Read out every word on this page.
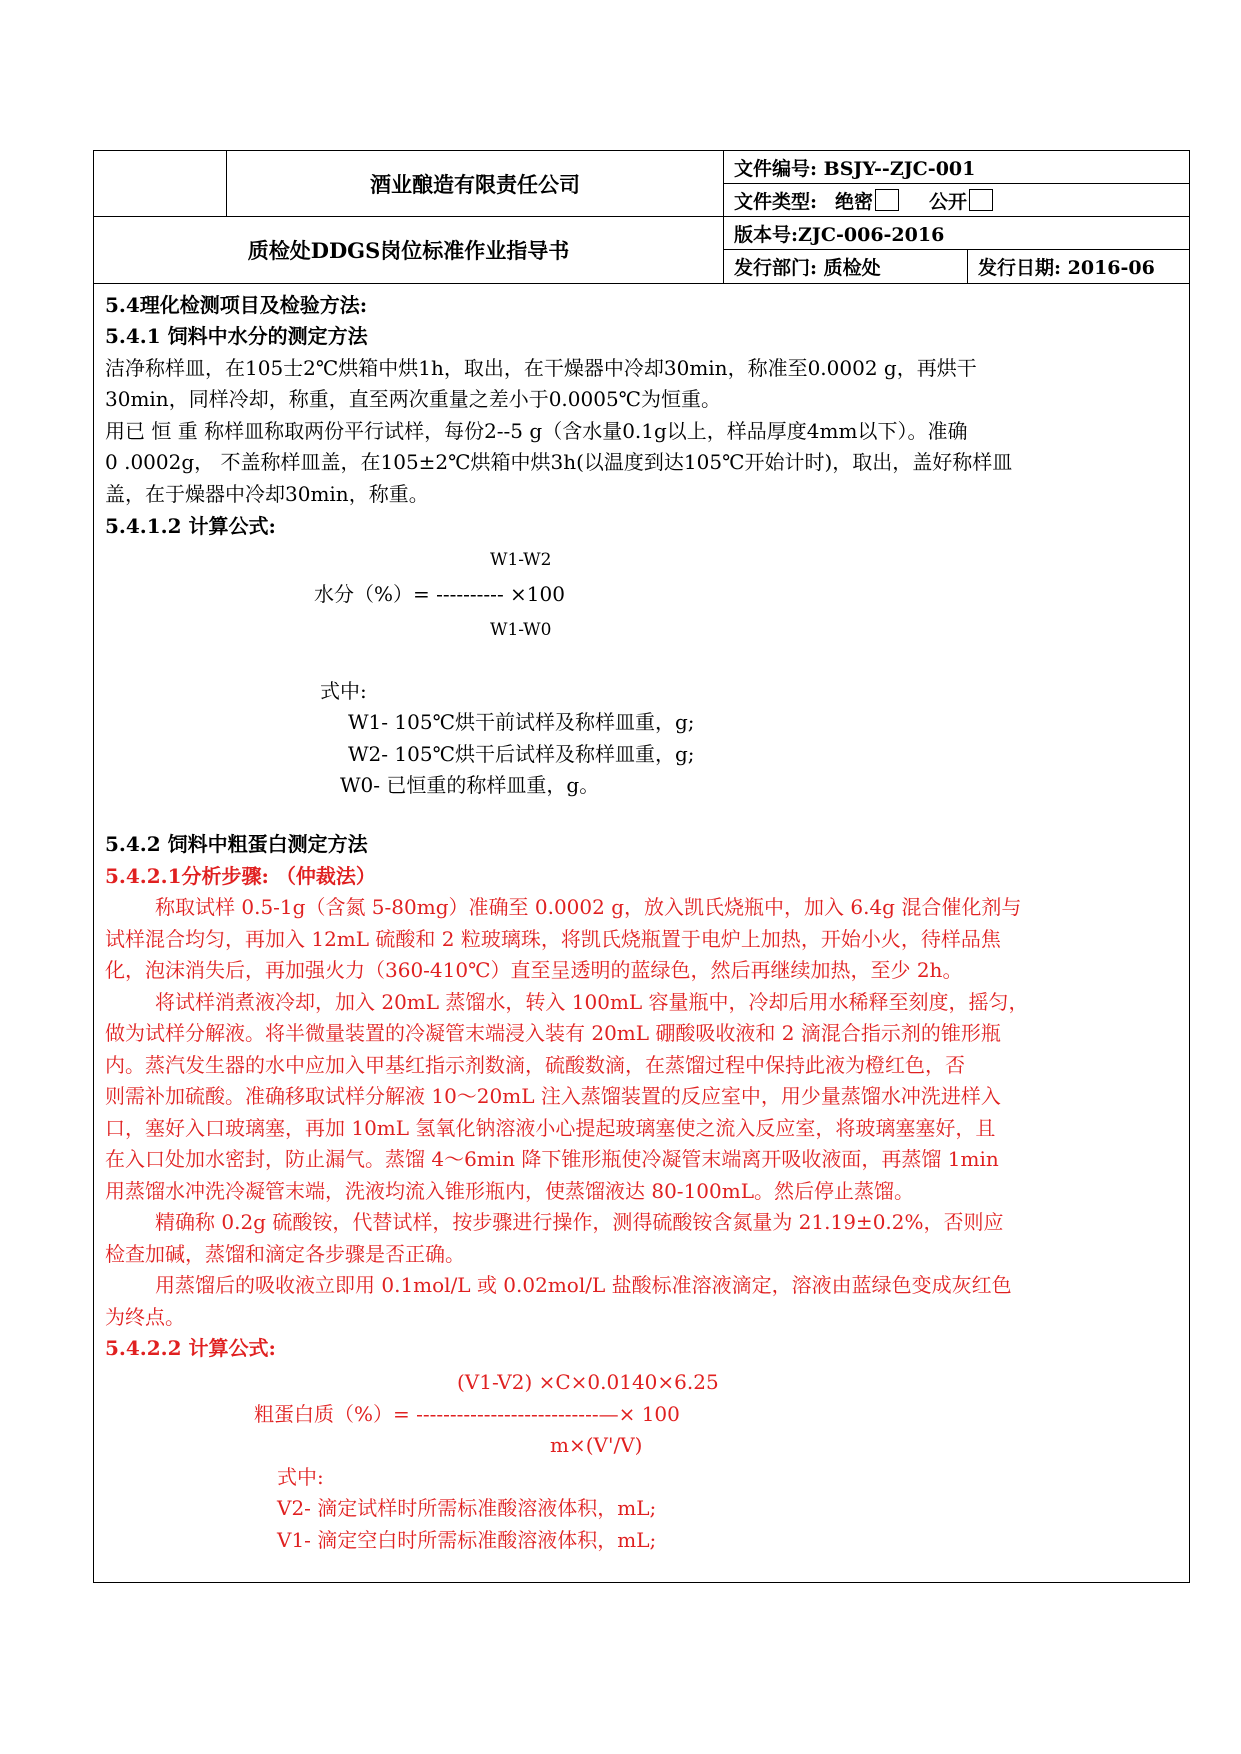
酒业酿造有限责任公司
质检处DDGS岗位标准作业指导书
文件编号: BSJY--ZJC-001
文件类型: 绝密	公开
版本号:ZJC-006-2016
发行部门: 质检处	发行日期: 2016-06
5.4理化检测项目及检验方法:
5.4.1 饲料中水分的测定方法
洁净称样皿，在105士2℃烘箱中烘1h，取出，在干燥器中冷却30min，称准至0.0002 g，再烘干
30min，同样冷却，称重，直至两次重量之差小于0.0005℃为恒重。
用已 恒 重 称样皿称取两份平行试样，每份2--5 g（含水量0.1g以上，样品厚度4mm以下）。准确
0 .0002g， 不盖称样皿盖，在105±2℃烘箱中烘3h(以温度到达105℃开始计时)，取出，盖好称样皿
盖，在于燥器中冷却30min，称重。
5.4.1.2 计算公式:
W1-W2
水分（%）= ---------- ×100
W1-W0
式中:
W1- 105℃烘干前试样及称样皿重，g;
W2- 105℃烘干后试样及称样皿重，g;
W0- 已恒重的称样皿重，g。
5.4.2 饲料中粗蛋白测定方法
5.4.2.1分析步骤: （仲裁法）
称取试样 0.5-1g（含氮 5-80mg）准确至 0.0002 g，放入凯氏烧瓶中，加入 6.4g 混合催化剂与
试样混合均匀，再加入 12mL 硫酸和 2 粒玻璃珠，将凯氏烧瓶置于电炉上加热，开始小火，待样品焦
化，泡沫消失后，再加强火力（360-410℃）直至呈透明的蓝绿色，然后再继续加热，至少 2h。
将试样消煮液冷却，加入 20mL 蒸馏水，转入 100mL 容量瓶中，冷却后用水稀释至刻度，摇匀，
做为试样分解液。将半微量装置的冷凝管末端浸入装有 20mL 硼酸吸收液和 2 滴混合指示剂的锥形瓶
内。蒸汽发生器的水中应加入甲基红指示剂数滴，硫酸数滴，在蒸馏过程中保持此液为橙红色，否
则需补加硫酸。准确移取试样分解液 10～20mL 注入蒸馏装置的反应室中，用少量蒸馏水冲洗进样入
口，塞好入口玻璃塞，再加 10mL 氢氧化钠溶液小心提起玻璃塞使之流入反应室，将玻璃塞塞好，且
在入口处加水密封，防止漏气。蒸馏 4～6min 降下锥形瓶使冷凝管末端离开吸收液面，再蒸馏 1min
用蒸馏水冲洗冷凝管末端，洗液均流入锥形瓶内，使蒸馏液达 80-100mL。然后停止蒸馏。
精确称 0.2g 硫酸铵，代替试样，按步骤进行操作，测得硫酸铵含氮量为 21.19±0.2%，否则应
检查加碱，蒸馏和滴定各步骤是否正确。
用蒸馏后的吸收液立即用 0.1mol/L 或 0.02mol/L 盐酸标准溶液滴定，溶液由蓝绿色变成灰红色
为终点。
5.4.2.2 计算公式:
(V1-V2) ×C×0.0140×6.25
粗蛋白质（%）= ---------------------------—× 100
m×(V'/V)
式中:
V2- 滴定试样时所需标准酸溶液体积，mL;
V1- 滴定空白时所需标准酸溶液体积，mL;
